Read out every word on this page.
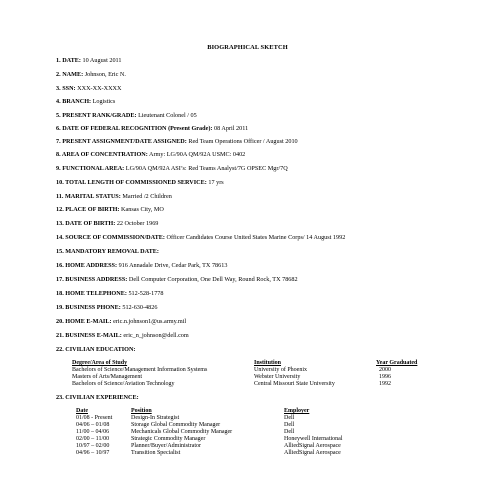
BIOGRAPHICAL SKETCH
1. DATE: 10 August 2011
2. NAME: Johnson, Eric N.
3. SSN: XXX-XX-XXXX
4. BRANCH: Logistics
5. PRESENT RANK/GRADE: Lieutenant Colonel / 05
6. DATE OF FEDERAL RECOGNITION (Present Grade): 08 April 2011
7. PRESENT ASSIGNMENT/DATE ASSIGNED: Red Team Operations Officer / August 2010
8. AREA OF CONCENTRATION: Army: LG/90A QM/92A USMC: 0402
9. FUNCTIONAL AREA: LG/90A QM/92A ASI’s: Red Teams Analyst/7G OPSEC Mgr/7Q
10. TOTAL LENGTH OF COMMISSIONED SERVICE: 17 yrs
11. MARITAL STATUS: Married /2 Children
12. PLACE OF BIRTH: Kansas City, MO
13. DATE OF BIRTH: 22 October 1969
14. SOURCE OF COMMISSION/DATE: Officer Candidates Course United States Marine Corps/ 14 August 1992
15. MANDATORY REMOVAL DATE:
16. HOME ADDRESS: 916 Annadale Drive, Cedar Park, TX 78613
17. BUSINESS ADDRESS: Dell Computer Corporation, One Dell Way, Round Rock, TX 78682
18. HOME TELEPHONE: 512-528-1778
19. BUSINESS PHONE: 512-630-4826
20. HOME E-MAIL: eric.n.johnson1@us.army.mil
21. BUSINESS E-MAIL: eric_n_johnson@dell.com
22. CIVILIAN EDUCATION:
Degree/Area of Study	Institution	Year Graduated
Bachelors of Science/Management Information Systems	University of Phoenix	2000
Masters of Arts/Management	Webster University	1996
Bachelors of Science/Aviation Technology	Central Missouri State University	1992
23. CIVILIAN EXPERIENCE:
Date	Position	Employer
01/08 - Present	Design-In Strategist	Dell
04/06 – 01/08	Storage Global Commodity Manager	Dell
11/00 – 04/06	Mechanicals Global Commodity Manager	Dell
02/00 – 11/00	Strategic Commodity Manager	Honeywell International
10/97 – 02/00	Planner/Buyer/Administrator	AlliedSignal Aerospace
04/96 – 10/97	Transition Specialist	AlliedSignal Aerospace
